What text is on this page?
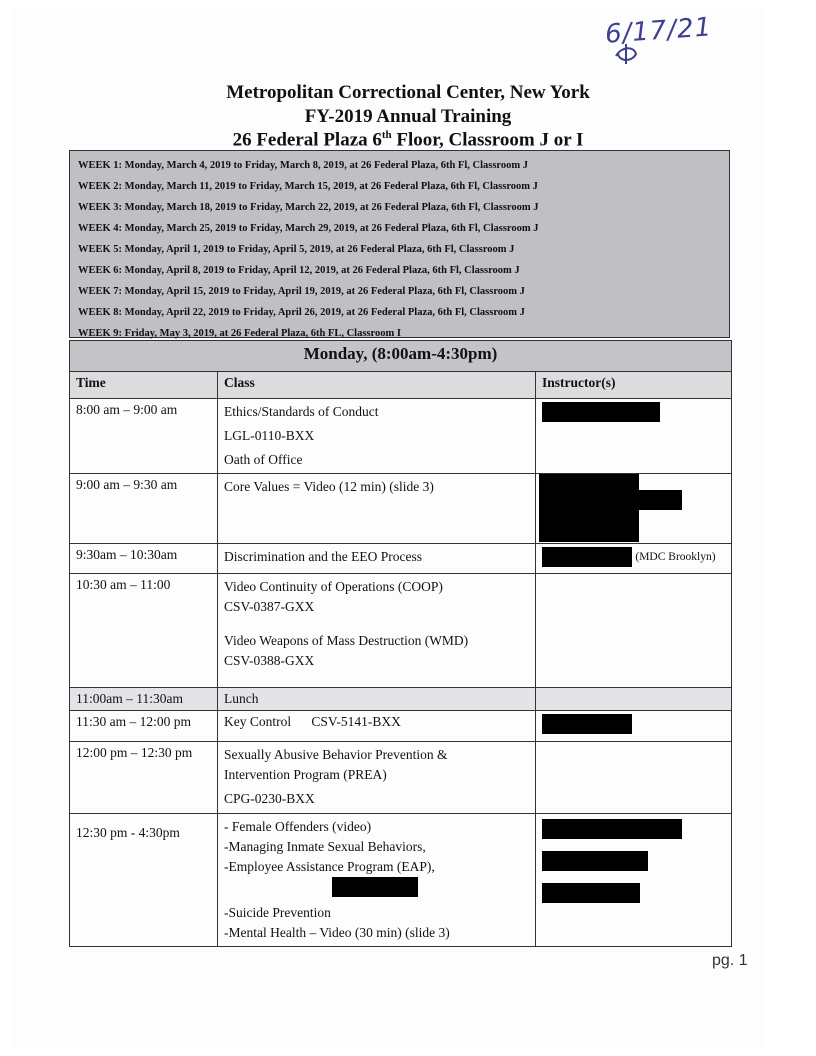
6/17/21
Metropolitan Correctional Center, New York
FY-2019 Annual Training
26 Federal Plaza 6th Floor, Classroom J or I
WEEK 1: Monday, March 4, 2019 to Friday, March 8, 2019, at 26 Federal Plaza, 6th Fl, Classroom J
WEEK 2: Monday, March 11, 2019 to Friday, March 15, 2019, at 26 Federal Plaza, 6th Fl, Classroom J
WEEK 3: Monday, March 18, 2019 to Friday, March 22, 2019, at 26 Federal Plaza, 6th Fl, Classroom J
WEEK 4: Monday, March 25, 2019 to Friday, March 29, 2019, at 26 Federal Plaza, 6th Fl, Classroom J
WEEK 5: Monday, April 1, 2019 to Friday, April 5, 2019, at 26 Federal Plaza, 6th Fl, Classroom J
WEEK 6: Monday, April 8, 2019 to Friday, April 12, 2019, at 26 Federal Plaza, 6th Fl, Classroom J
WEEK 7: Monday, April 15, 2019 to Friday, April 19, 2019, at 26 Federal Plaza, 6th Fl, Classroom J
WEEK 8: Monday, April 22, 2019 to Friday, April 26, 2019, at 26 Federal Plaza, 6th Fl, Classroom J
WEEK 9: Friday, May 3, 2019, at 26 Federal Plaza, 6th FL, Classroom I
Monday, (8:00am-4:30pm)		
Time	Class	Instructor(s)
8:00 am – 9:00 am	Ethics/Standards of Conduct
LGL-0110-BXX
Oath of Office	

9:00 am – 9:30 am	Core Values = Video (12 min) (slide 3)	

9:30am – 10:30am	Discrimination and the EEO Process	(MDC Brooklyn)
10:30 am – 11:00	Video Continuity of Operations (COOP)
CSV-0387-GXX
Video Weapons of Mass Destruction (WMD)
CSV-0388-GXX	

11:00am – 11:30am	Lunch	
11:30 am – 12:00 pm	Key Control      CSV-5141-BXX	
12:00 pm – 12:30 pm	Sexually Abusive Behavior Prevention &
Intervention Program (PREA)
CPG-0230-BXX	

12:30 pm - 4:30pm	- Female Offenders (video)
-Managing Inmate Sexual Behaviors,
-Employee Assistance Program (EAP),
-Suicide Prevention
-Mental Health – Video (30 min) (slide 3)	

pg. 1
